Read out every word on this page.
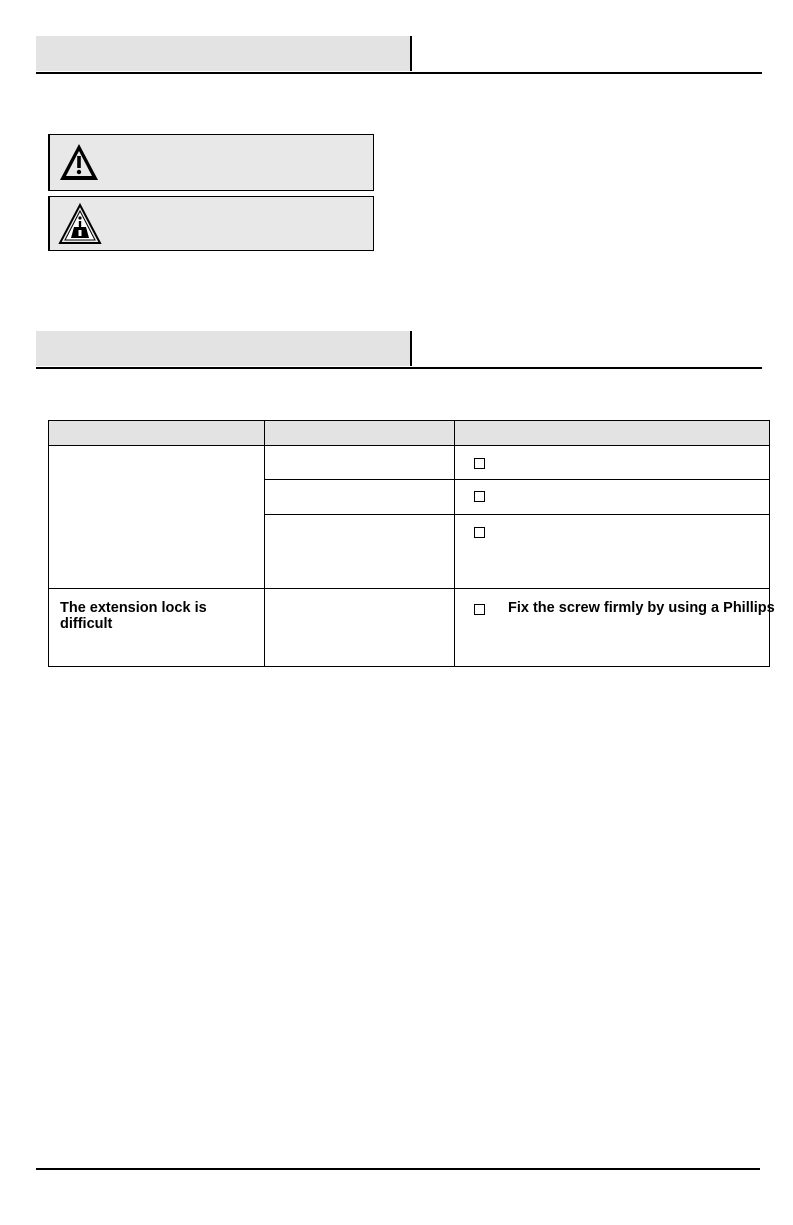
The extension lock is difficult		Fix the screw firmly by using a Phillips
